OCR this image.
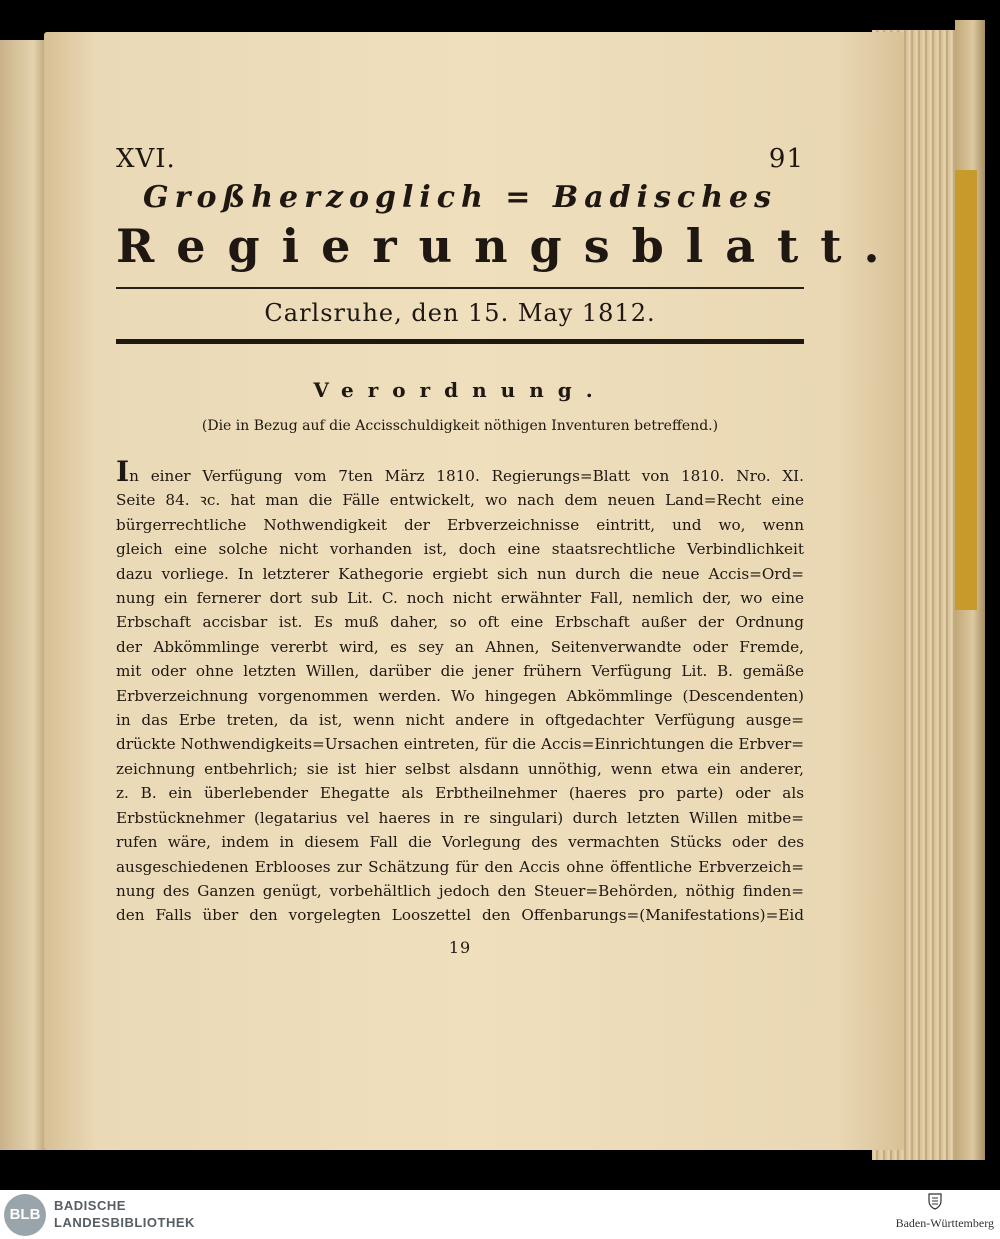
XVI.	91
Großherzoglich = Badisches
Regierungsblatt.
Carlsruhe, den 15. May 1812.
Verordnung.
(Die in Bezug auf die Accisschuldigkeit nöthigen Inventuren betreffend.)
In einer Verfügung vom 7ten März 1810. Regierungs=Blatt von 1810. Nro. XI.
Seite 84. ꝛc. hat man die Fälle entwickelt, wo nach dem neuen Land=Recht eine
bürgerrechtliche Nothwendigkeit der Erbverzeichnisse eintritt, und wo, wenn
gleich eine solche nicht vorhanden ist, doch eine staatsrechtliche Verbindlichkeit
dazu vorliege. In letzterer Kathegorie ergiebt sich nun durch die neue Accis=Ord=
nung ein fernerer dort sub Lit. C. noch nicht erwähnter Fall, nemlich der, wo eine
Erbschaft accisbar ist. Es muß daher, so oft eine Erbschaft außer der Ordnung
der Abkömmlinge vererbt wird, es sey an Ahnen, Seitenverwandte oder Fremde,
mit oder ohne letzten Willen, darüber die jener frühern Verfügung Lit. B. gemäße
Erbverzeichnung vorgenommen werden. Wo hingegen Abkömmlinge (Descendenten)
in das Erbe treten, da ist, wenn nicht andere in oftgedachter Verfügung ausge=
drückte Nothwendigkeits=Ursachen eintreten, für die Accis=Einrichtungen die Erbver=
zeichnung entbehrlich; sie ist hier selbst alsdann unnöthig, wenn etwa ein anderer,
z. B. ein überlebender Ehegatte als Erbtheilnehmer (haeres pro parte) oder als
Erbstücknehmer (legatarius vel haeres in re singulari) durch letzten Willen mitbe=
rufen wäre, indem in diesem Fall die Vorlegung des vermachten Stücks oder des
ausgeschiedenen Erblooses zur Schätzung für den Accis ohne öffentliche Erbverzeich=
nung des Ganzen genügt, vorbehältlich jedoch den Steuer=Behörden, nöthig finden=
den Falls über den vorgelegten Looszettel den Offenbarungs=(Manifestations)=Eid
19
BLB
BADISCHE
LANDESBIBLIOTHEK	Baden-Württemberg
